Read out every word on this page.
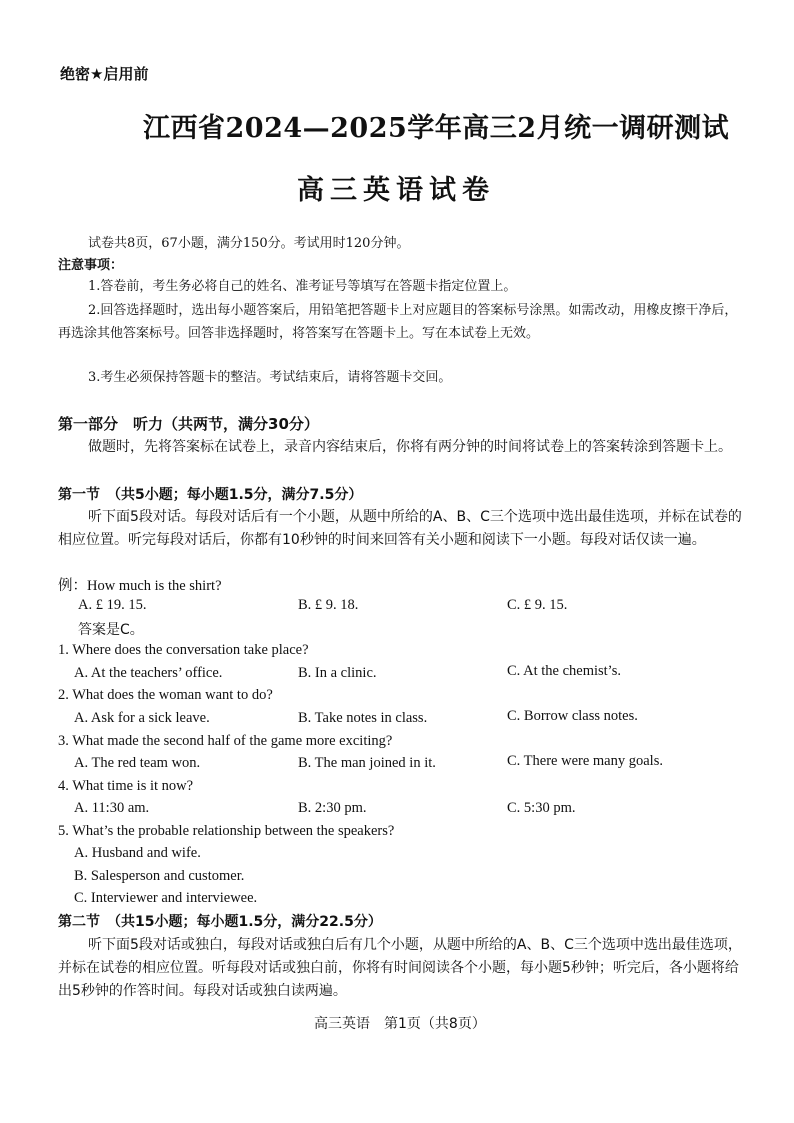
绝密★启用前
江西省2024—2025学年高三2月统一调研测试
高三英语试卷
试卷共8页，67小题，满分150分。考试用时120分钟。
注意事项：
1.答卷前，考生务必将自己的姓名、准考证号等填写在答题卡指定位置上。
2.回答选择题时，选出每小题答案后，用铅笔把答题卡上对应题目的答案标号涂黑。如需改动，用橡皮擦干净后，再选涂其他答案标号。回答非选择题时，将答案写在答题卡上。写在本试卷上无效。
3.考生必须保持答题卡的整洁。考试结束后，请将答题卡交回。
第一部分　听力（共两节，满分30分）
做题时，先将答案标在试卷上，录音内容结束后，你将有两分钟的时间将试卷上的答案转涂到答题卡上。
第一节　（共5小题；每小题1.5分，满分7.5分）
听下面5段对话。每段对话后有一个小题，从题中所给的A、B、C三个选项中选出最佳选项，并标在试卷的相应位置。听完每段对话后，你都有10秒钟的时间来回答有关小题和阅读下一小题。每段对话仅读一遍。
例：How much is the shirt?
A. £ 19. 15.	B. £ 9. 18.	C. £ 9. 15.
答案是C。
1. Where does the conversation take place?
A. At the teachers’ office.	B. In a clinic.	C. At the chemist’s.
2. What does the woman want to do?
A. Ask for a sick leave.	B. Take notes in class.	C. Borrow class notes.
3. What made the second half of the game more exciting?
A. The red team won.	B. The man joined in it.	C. There were many goals.
4. What time is it now?
A. 11:30 am.	B. 2:30 pm.	C. 5:30 pm.
5. What’s the probable relationship between the speakers?
A. Husband and wife.
B. Salesperson and customer.
C. Interviewer and interviewee.
第二节　（共15小题；每小题1.5分，满分22.5分）
听下面5段对话或独白，每段对话或独白后有几个小题，从题中所给的A、B、C三个选项中选出最佳选项，并标在试卷的相应位置。听每段对话或独白前，你将有时间阅读各个小题，每小题5秒钟；听完后，各小题将给出5秒钟的作答时间。每段对话或独白读两遍。
高三英语　第1页（共8页）
